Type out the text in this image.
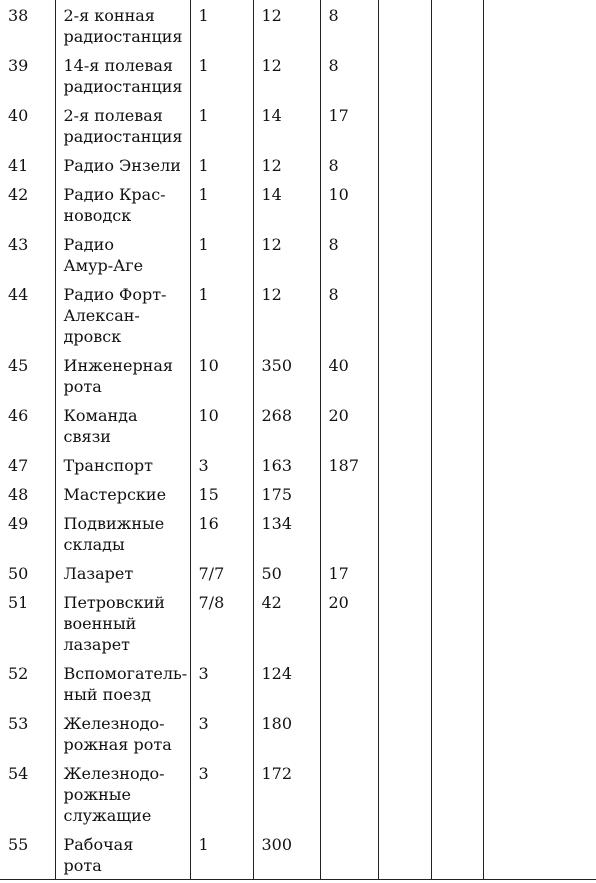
38	2-я конная
радиостанция	1	12	8			
39	14-я полевая
радиостанция	1	12	8			
40	2-я полевая
радиостанция	1	14	17			
41	Радио Энзели	1	12	8			
42	Радио Крас-
новодск	1	14	10			
43	Радио
Амур-Аге	1	12	8			
44	Радио Форт-
Алексан-
дровск	1	12	8			
45	Инженерная
рота	10	350	40			
46	Команда
связи	10	268	20			
47	Транспорт	3	163	187			
48	Мастерские	15	175				
49	Подвижные
склады	16	134				
50	Лазарет	7/7	50	17			
51	Петровский
военный
лазарет	7/8	42	20			
52	Вспомогатель-
ный поезд	3	124				
53	Железнодо-
рожная рота	3	180				
54	Железнодо-
рожные
служащие	3	172				
55	Рабочая
рота	1	300				
